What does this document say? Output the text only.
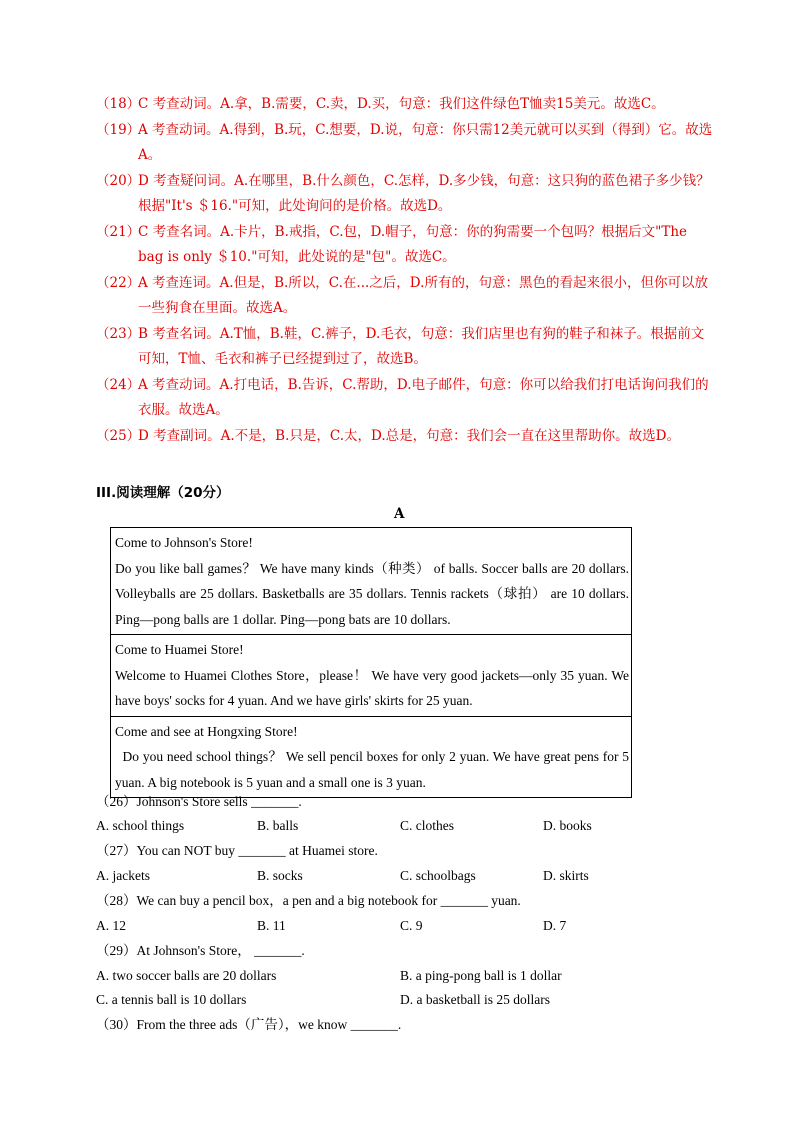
（18）
C 考查动词。A.拿，B.需要，C.卖，D.买，句意：我们这件绿色T恤卖15美元。故选C。
（19）
A 考查动词。A.得到，B.玩，C.想要，D.说，句意：你只需12美元就可以买到（得到）它。故选A。
（20）
D 考查疑问词。A.在哪里，B.什么颜色，C.怎样，D.多少钱，句意：这只狗的蓝色裙子多少钱？根据"It's ＄16."可知，此处询问的是价格。故选D。
（21）
C 考查名词。A.卡片，B.戒指，C.包，D.帽子，句意：你的狗需要一个包吗？根据后文"The bag is only ＄10."可知，此处说的是"包"。故选C。
（22）
A 考查连词。A.但是，B.所以，C.在...之后，D.所有的，句意：黑色的看起来很小，但你可以放一些狗食在里面。故选A。
（23）
B 考查名词。A.T恤，B.鞋，C.裤子，D.毛衣，句意：我们店里也有狗的鞋子和袜子。根据前文可知，T恤、毛衣和裤子已经提到过了，故选B。
（24）
A 考查动词。A.打电话，B.告诉，C.帮助，D.电子邮件，句意：你可以给我们打电话询问我们的衣服。故选A。
（25）
D 考查副词。A.不是，B.只是，C.太，D.总是，句意：我们会一直在这里帮助你。故选D。
III.阅读理解（20分）
A
Come to Johnson's Store!
Do you like ball games？ We have many kinds（种类） of balls. Soccer balls are 20 dollars. Volleyballs are 25 dollars. Basketballs are 35 dollars. Tennis rackets（球拍） are 10 dollars. Ping—pong balls are 1 dollar. Ping—pong bats are 10 dollars.

Come to Huamei Store!
Welcome to Huamei Clothes Store，please！ We have very good jackets—only 35 yuan. We have boys' socks for 4 yuan. And we have girls' skirts for 25 yuan.

Come and see at Hongxing Store!
Do you need school things？ We sell pencil boxes for only 2 yuan. We have great pens for 5 yuan. A big notebook is 5 yuan and a small one is 3 yuan.
（26）Johnson's Store sells _______.
A. school things	B. balls	C. clothes	D. books
（27）You can NOT buy _______ at Huamei store.
A. jackets	B. socks	C. schoolbags	D. skirts
（28）We can buy a pencil box，a pen and a big notebook for _______ yuan.
A. 12	B. 11	C. 9	D. 7
（29）At Johnson's Store， _______.
A. two soccer balls are 20 dollars	B. a ping-pong ball is 1 dollar
C. a tennis ball is 10 dollars	D. a basketball is 25 dollars
（30）From the three ads（广告），we know _______.
